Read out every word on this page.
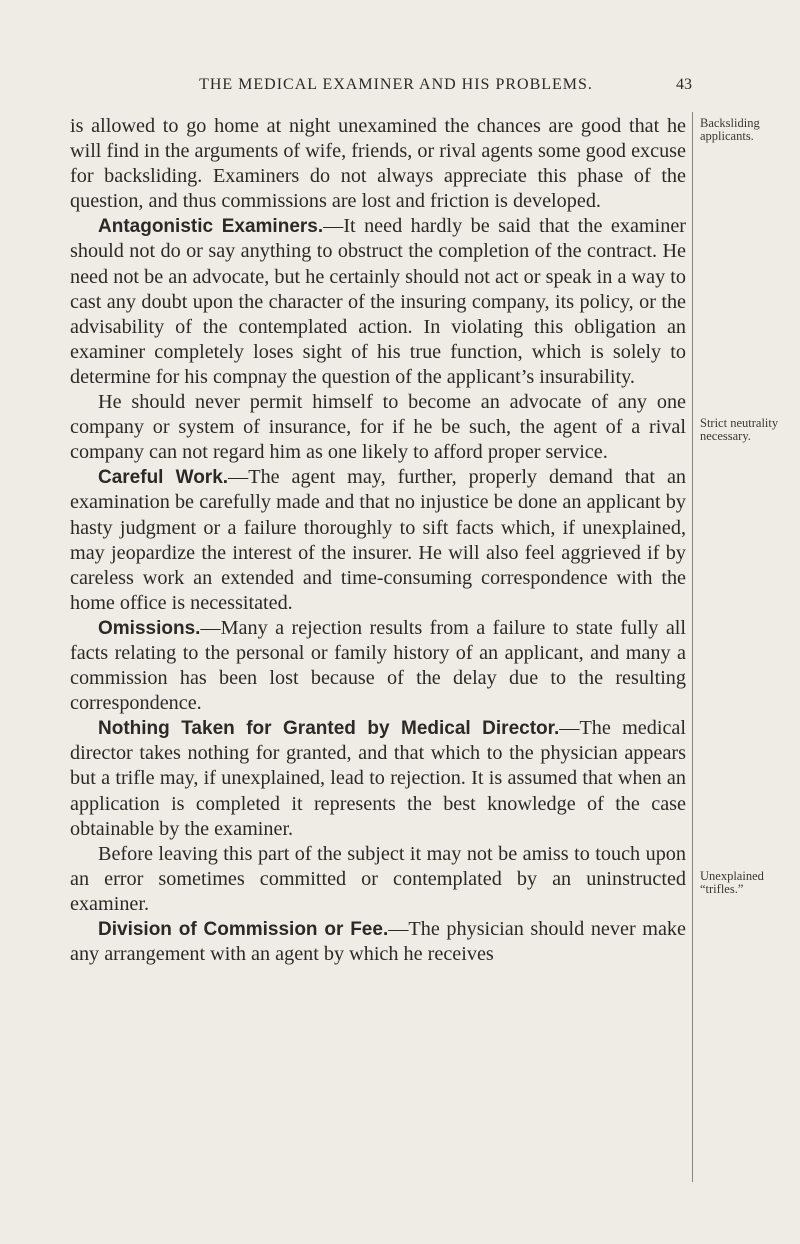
THE MEDICAL EXAMINER AND HIS PROBLEMS.	43

is allowed to go home at night unexamined the chances are good that he will find in the arguments of wife, friends, or rival agents some good excuse for backsliding. Examiners do not always appreciate this phase of the question, and thus commissions are lost and friction is developed.

Antagonistic Examiners.—It need hardly be said that the examiner should not do or say anything to obstruct the completion of the contract. He need not be an advocate, but he certainly should not act or speak in a way to cast any doubt upon the character of the insuring company, its policy, or the advisability of the contemplated action. In violating this obligation an examiner completely loses sight of his true function, which is solely to determine for his compnay the question of the applicant’s insurability.

He should never permit himself to become an advocate of any one company or system of insurance, for if he be such, the agent of a rival company can not regard him as one likely to afford proper service.

Careful Work.—The agent may, further, properly demand that an examination be carefully made and that no injustice be done an applicant by hasty judgment or a failure thoroughly to sift facts which, if unexplained, may jeopardize the interest of the insurer. He will also feel aggrieved if by careless work an extended and time-consuming correspondence with the home office is necessitated.

Omissions.—Many a rejection results from a failure to state fully all facts relating to the personal or family history of an applicant, and many a commission has been lost because of the delay due to the resulting correspondence.

Nothing Taken for Granted by Medical Director.—The medical director takes nothing for granted, and that which to the physician appears but a trifle may, if unexplained, lead to rejection. It is assumed that when an application is completed it represents the best knowledge of the case obtainable by the examiner.

Before leaving this part of the subject it may not be amiss to touch upon an error sometimes committed or contemplated by an uninstructed examiner.

Division of Commission or Fee.—The physician should never make any arrangement with an agent by which he receives

Backsliding applicants.
Strict neutrality necessary.
Unexplained “trifles.”
